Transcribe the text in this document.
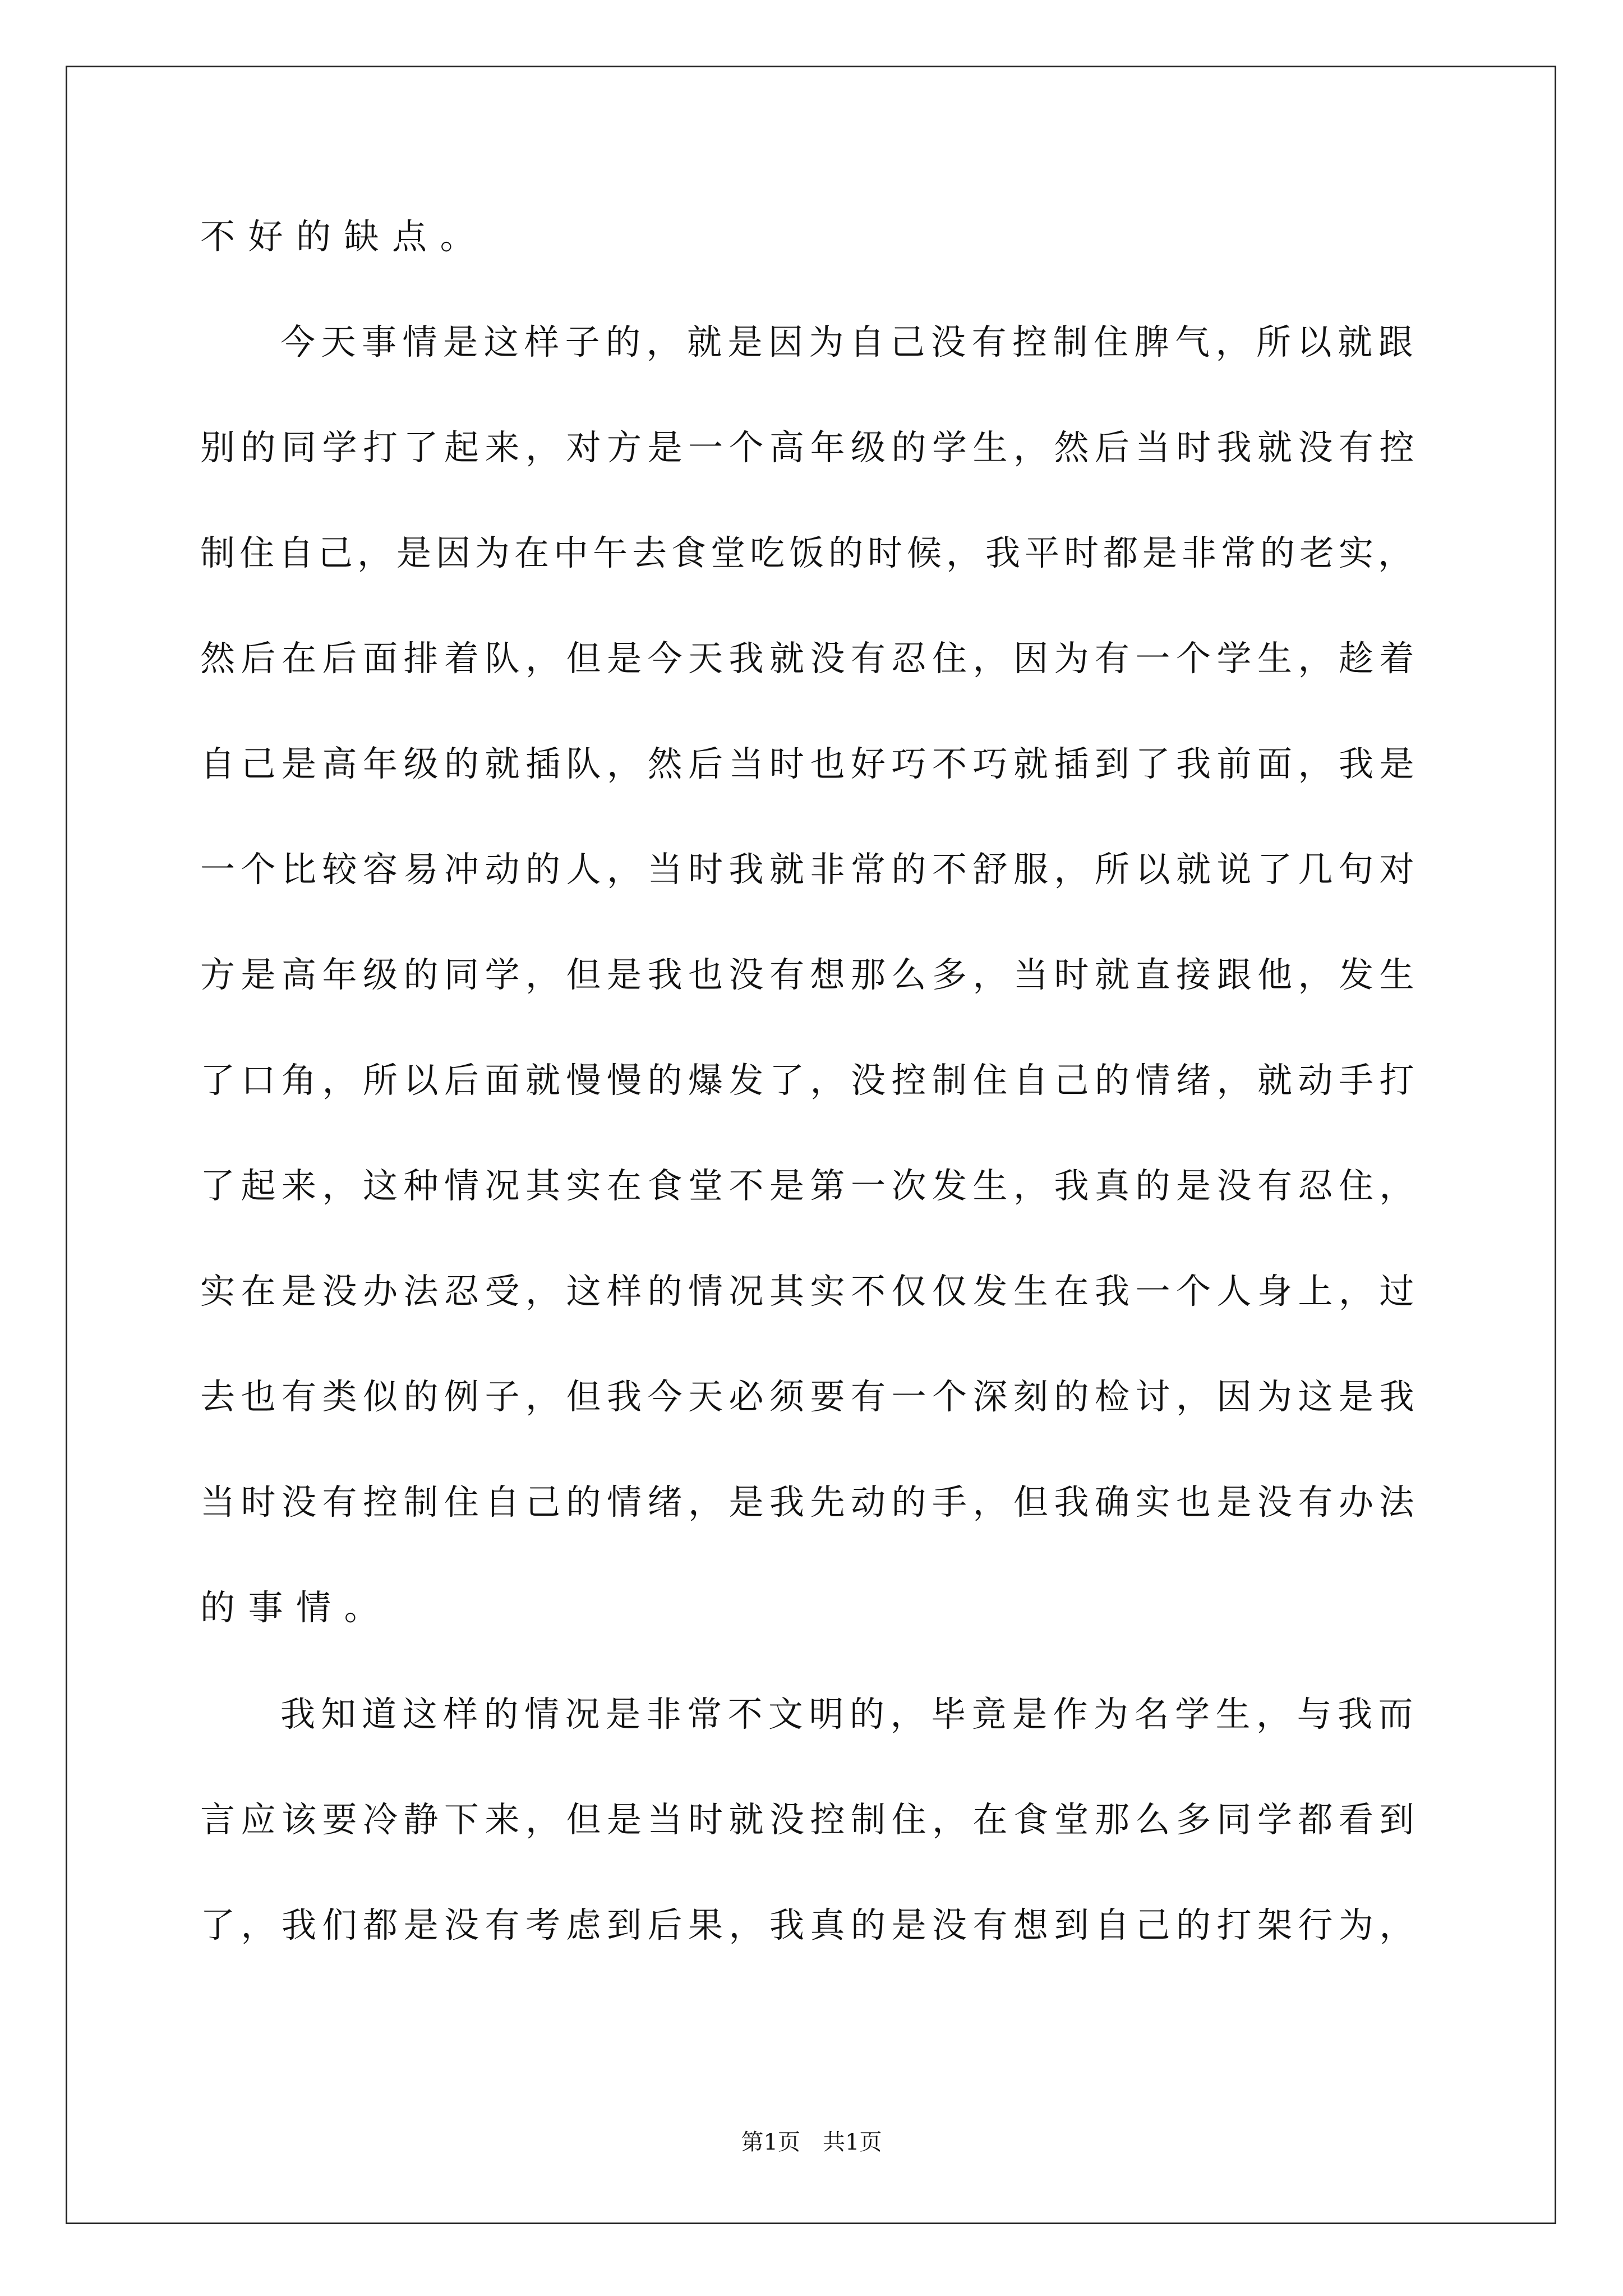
不好的缺点。

今天事情是这样子的，就是因为自己没有控制住脾气，所以就跟

别的同学打了起来，对方是一个高年级的学生，然后当时我就没有控

制住自己，是因为在中午去食堂吃饭的时候，我平时都是非常的老实，

然后在后面排着队，但是今天我就没有忍住，因为有一个学生，趁着

自己是高年级的就插队，然后当时也好巧不巧就插到了我前面，我是

一个比较容易冲动的人，当时我就非常的不舒服，所以就说了几句对

方是高年级的同学，但是我也没有想那么多，当时就直接跟他，发生

了口角，所以后面就慢慢的爆发了，没控制住自己的情绪，就动手打

了起来，这种情况其实在食堂不是第一次发生，我真的是没有忍住，

实在是没办法忍受，这样的情况其实不仅仅发生在我一个人身上，过

去也有类似的例子，但我今天必须要有一个深刻的检讨，因为这是我

当时没有控制住自己的情绪，是我先动的手，但我确实也是没有办法

的事情。

我知道这样的情况是非常不文明的，毕竟是作为名学生，与我而

言应该要冷静下来，但是当时就没控制住，在食堂那么多同学都看到

了，我们都是没有考虑到后果，我真的是没有想到自己的打架行为，

第1页 共1页
